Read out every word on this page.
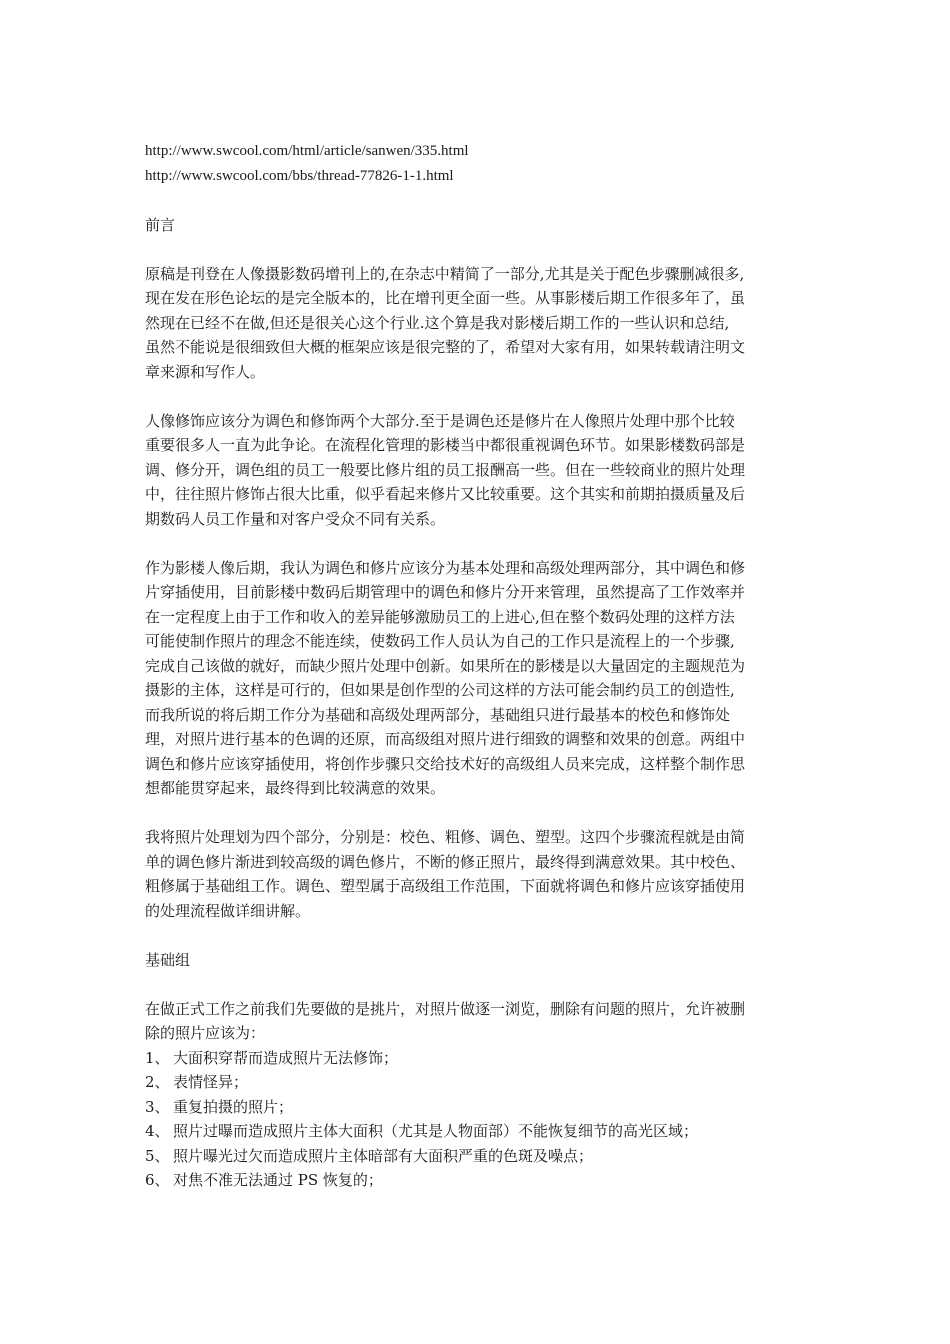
http://www.swcool.com/html/article/sanwen/335.html
http://www.swcool.com/bbs/thread-77826-1-1.html
前言

原稿是刊登在人像摄影数码增刊上的,在杂志中精简了一部分,尤其是关于配色步骤删减很多,
现在发在形色论坛的是完全版本的，比在增刊更全面一些。从事影楼后期工作很多年了，虽
然现在已经不在做,但还是很关心这个行业.这个算是我对影楼后期工作的一些认识和总结,
虽然不能说是很细致但大概的框架应该是很完整的了，希望对大家有用，如果转载请注明文
章来源和写作人。

人像修饰应该分为调色和修饰两个大部分.至于是调色还是修片在人像照片处理中那个比较
重要很多人一直为此争论。在流程化管理的影楼当中都很重视调色环节。如果影楼数码部是
调、修分开，调色组的员工一般要比修片组的员工报酬高一些。但在一些较商业的照片处理
中，往往照片修饰占很大比重，似乎看起来修片又比较重要。这个其实和前期拍摄质量及后
期数码人员工作量和对客户受众不同有关系。

作为影楼人像后期，我认为调色和修片应该分为基本处理和高级处理两部分，其中调色和修
片穿插使用，目前影楼中数码后期管理中的调色和修片分开来管理，虽然提高了工作效率并
在一定程度上由于工作和收入的差异能够激励员工的上进心,但在整个数码处理的这样方法
可能使制作照片的理念不能连续，使数码工作人员认为自己的工作只是流程上的一个步骤,
完成自己该做的就好，而缺少照片处理中创新。如果所在的影楼是以大量固定的主题规范为
摄影的主体，这样是可行的，但如果是创作型的公司这样的方法可能会制约员工的创造性,
而我所说的将后期工作分为基础和高级处理两部分，基础组只进行最基本的校色和修饰处
理，对照片进行基本的色调的还原，而高级组对照片进行细致的调整和效果的创意。两组中
调色和修片应该穿插使用，将创作步骤只交给技术好的高级组人员来完成，这样整个制作思
想都能贯穿起来，最终得到比较满意的效果。

我将照片处理划为四个部分，分别是：校色、粗修、调色、塑型。这四个步骤流程就是由简
单的调色修片渐进到较高级的调色修片，不断的修正照片，最终得到满意效果。其中校色、
粗修属于基础组工作。调色、塑型属于高级组工作范围，下面就将调色和修片应该穿插使用
的处理流程做详细讲解。

基础组

在做正式工作之前我们先要做的是挑片，对照片做逐一浏览，删除有问题的照片，允许被删
除的照片应该为：

1、 大面积穿帮而造成照片无法修饰；
2、 表情怪异；
3、 重复拍摄的照片；
4、 照片过曝而造成照片主体大面积（尤其是人物面部）不能恢复细节的高光区域；
5、 照片曝光过欠而造成照片主体暗部有大面积严重的色斑及噪点；
6、 对焦不准无法通过 PS 恢复的；
